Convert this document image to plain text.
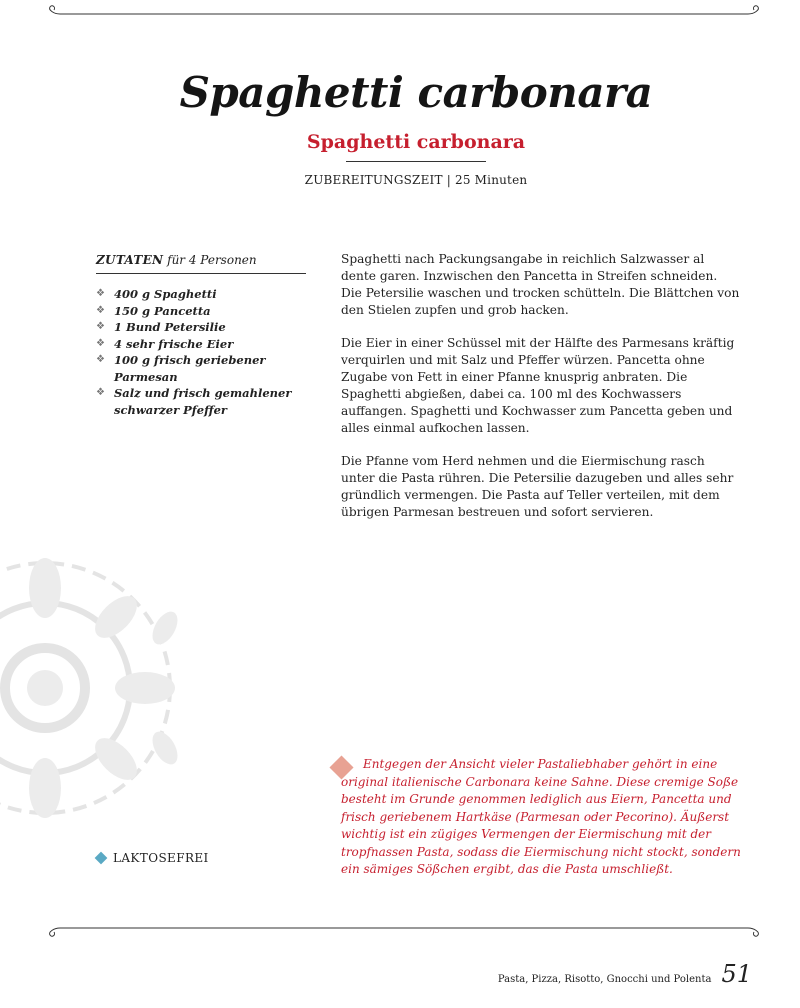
Spaghetti carbonara
Spaghetti carbonara
ZUBEREITUNGSZEIT | 25 Minuten
ZUTATEN für 4 Personen
❖ 400 g Spaghetti
❖ 150 g Pancetta
❖ 1 Bund Petersilie
❖ 4 sehr frische Eier
❖ 100 g frisch geriebener Parmesan
❖ Salz und frisch gemahlener schwarzer Pfeffer

Spaghetti nach Packungsangabe in reichlich Salzwasser al dente garen. Inzwischen den Pancetta in Streifen schneiden. Die Petersilie waschen und trocken schütteln. Die Blättchen von den Stielen zupfen und grob hacken.

Die Eier in einer Schüssel mit der Hälfte des Parmesans kräftig verquirlen und mit Salz und Pfeffer würzen. Pancetta ohne Zugabe von Fett in einer Pfanne knusprig anbraten. Die Spaghetti abgießen, dabei ca. 100 ml des Kochwassers auffangen. Spaghetti und Kochwasser zum Pancetta geben und alles einmal aufkochen lassen.

Die Pfanne vom Herd nehmen und die Eiermischung rasch unter die Pasta rühren. Die Petersilie dazugeben und alles sehr gründlich vermengen. Die Pasta auf Teller verteilen, mit dem übrigen Parmesan bestreuen und sofort servieren.

Entgegen der Ansicht vieler Pastaliebhaber gehört in eine original italienische Carbonara keine Sahne. Diese cremige Soße besteht im Grunde genommen lediglich aus Eiern, Pancetta und frisch geriebenem Hartkäse (Parmesan oder Pecorino). Äußerst wichtig ist ein zügiges Vermengen der Eiermischung mit der tropfnassen Pasta, sodass die Eiermischung nicht stockt, sondern ein sämiges Sößchen ergibt, das die Pasta umschließt.
LAKTOSEFREI
Pasta, Pizza, Risotto, Gnocchi und Polenta 51
